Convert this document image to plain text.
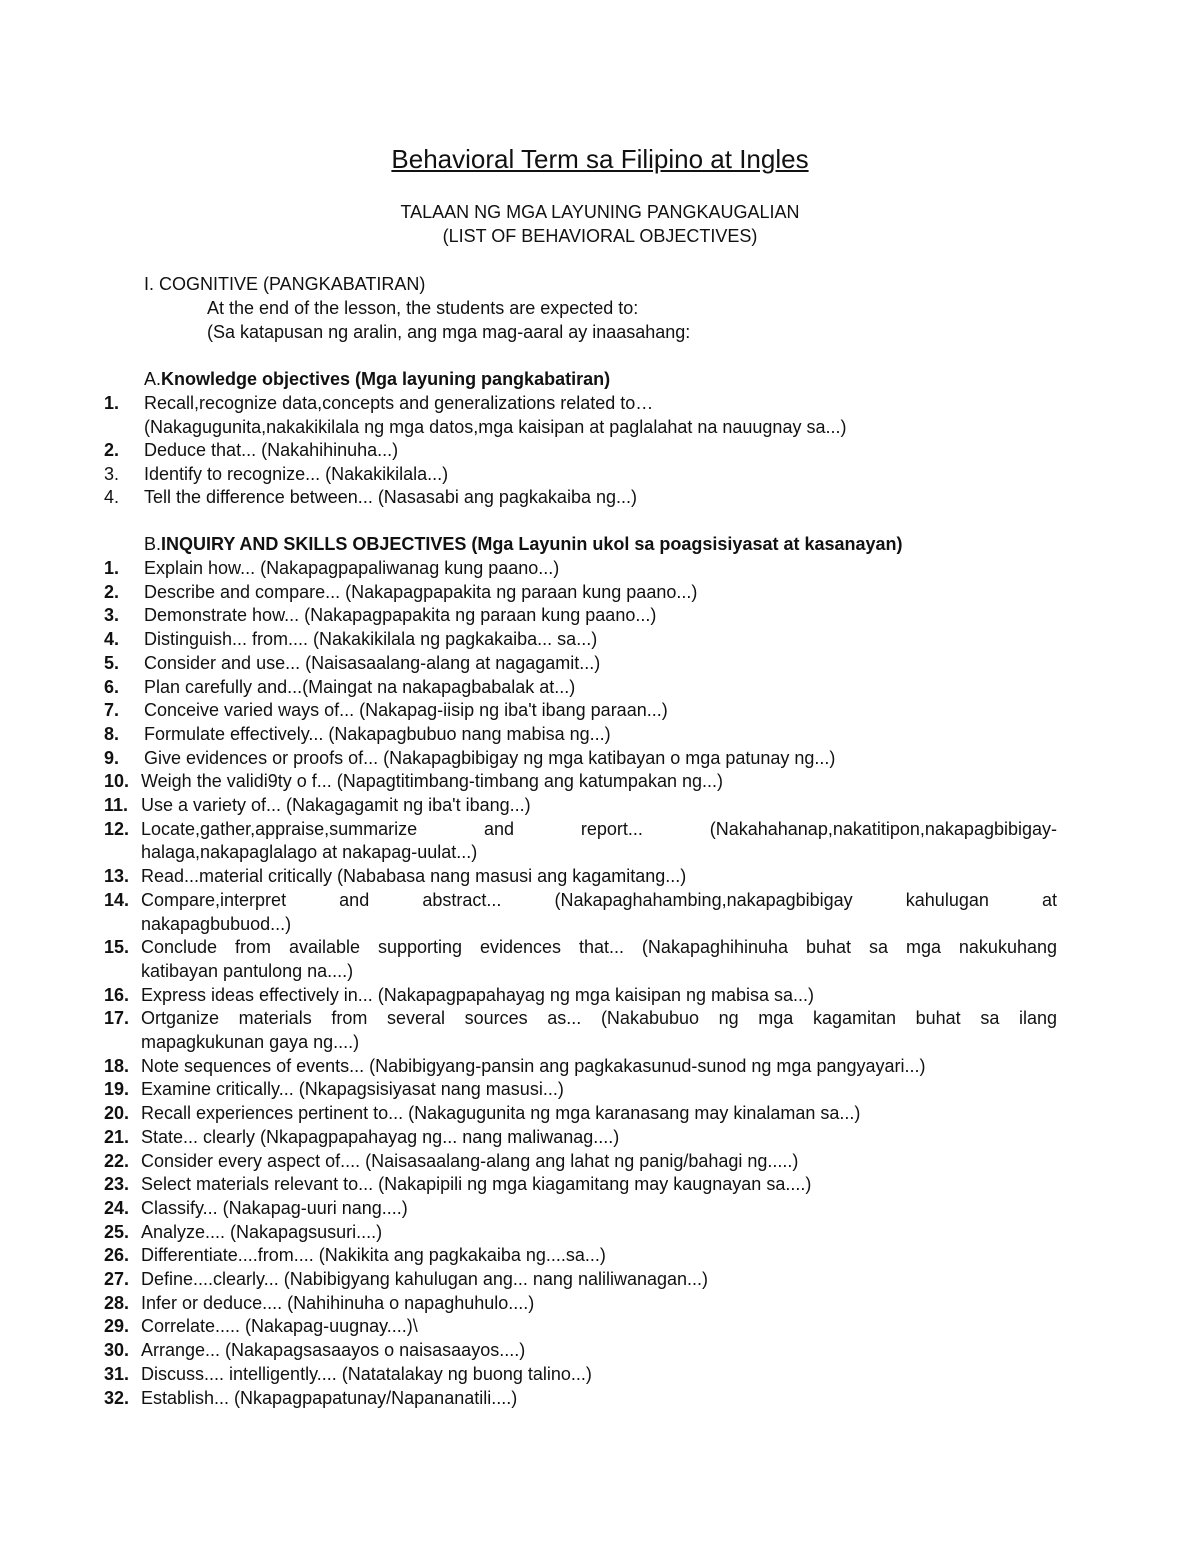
Behavioral Term sa Filipino at Ingles
TALAAN NG MGA LAYUNING PANGKAUGALIAN
(LIST OF BEHAVIORAL OBJECTIVES)
I. COGNITIVE (PANGKABATIRAN)
At the end of the lesson, the students are expected to:
(Sa katapusan ng aralin, ang mga mag-aaral ay inaasahang:
A.Knowledge objectives (Mga layuning pangkabatiran)
1. Recall,recognize data,concepts and generalizations related to…
(Nakagugunita,nakakikilala ng mga datos,mga kaisipan at paglalahat na nauugnay sa...)
2. Deduce that... (Nakahihinuha...)
3. Identify to recognize... (Nakakikilala...)
4. Tell the difference between... (Nasasabi ang pagkakaiba ng...)
B.INQUIRY AND SKILLS OBJECTIVES (Mga Layunin ukol sa poagsisiyasat at kasanayan)
1. Explain how... (Nakapagpapaliwanag kung paano...)
2. Describe and compare... (Nakapagpapakita ng paraan kung paano...)
3. Demonstrate how... (Nakapagpapakita ng paraan kung paano...)
4. Distinguish... from.... (Nakakikilala ng pagkakaiba... sa...)
5. Consider and use... (Naisasaalang-alang at nagagamit...)
6. Plan carefully and...(Maingat na nakapagbabalak at...)
7. Conceive varied ways of... (Nakapag-iisip ng iba't ibang paraan...)
8. Formulate effectively... (Nakapagbubuo nang mabisa ng...)
9. Give evidences or proofs of... (Nakapagbibigay ng mga katibayan o mga patunay ng...)
10. Weigh the validi9ty o f... (Napagtitimbang-timbang ang katumpakan ng...)
11. Use a variety of... (Nakagagamit ng iba't ibang...)
12. Locate,gather,appraise,summarize and report... (Nakahahanap,nakatitipon,nakapagbibigay-
halaga,nakapaglalago at nakapag-uulat...)
13. Read...material critically (Nababasa nang masusi ang kagamitang...)
14. Compare,interpret and abstract... (Nakapaghahambing,nakapagbibigay kahulugan at
nakapagbubuod...)
15. Conclude from available supporting evidences that... (Nakapaghihinuha buhat sa mga nakukuhang
katibayan pantulong na....)
16. Express ideas effectively in... (Nakapagpapahayag ng mga kaisipan ng mabisa sa...)
17. Ortganize materials from several sources as... (Nakabubuo ng mga kagamitan buhat sa ilang
mapagkukunan gaya ng....)
18. Note sequences of events... (Nabibigyang-pansin ang pagkakasunud-sunod ng mga pangyayari...)
19. Examine critically... (Nkapagsisiyasat nang masusi...)
20. Recall experiences pertinent to... (Nakagugunita ng mga karanasang may kinalaman sa...)
21. State... clearly (Nkapagpapahayag ng... nang maliwanag....)
22. Consider every aspect of.... (Naisasaalang-alang ang lahat ng panig/bahagi ng.....)
23. Select materials relevant to... (Nakapipili ng mga kiagamitang may kaugnayan sa....)
24. Classify... (Nakapag-uuri nang....)
25. Analyze.... (Nakapagsusuri....)
26. Differentiate....from.... (Nakikita ang pagkakaiba ng....sa...)
27. Define....clearly... (Nabibigyang kahulugan ang... nang naliliwanagan...)
28. Infer or deduce.... (Nahihinuha o napaghuhulo....)
29. Correlate..... (Nakapag-uugnay....)\
30. Arrange... (Nakapagsasaayos o naisasaayos....)
31. Discuss.... intelligently.... (Natatalakay ng buong talino...)
32. Establish... (Nkapagpapatunay/Napananatili....)
